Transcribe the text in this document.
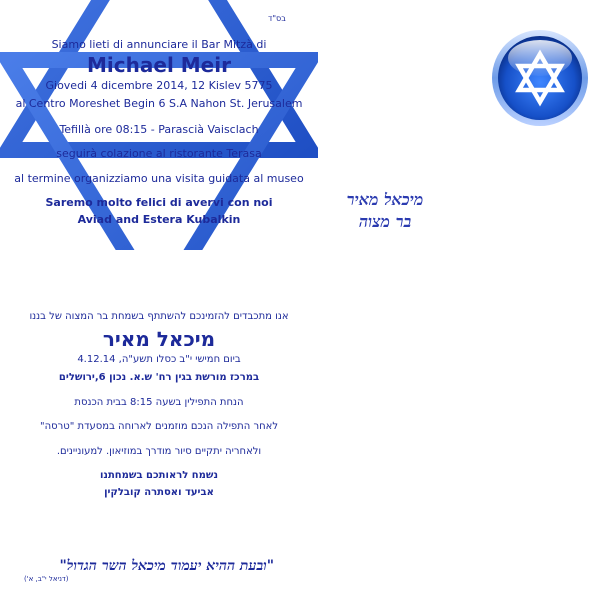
בס"ד
Siamo lieti di annunciare il Bar Mitzà di
Michael Meir
Giovedi 4 dicembre 2014, 12 Kislev 5775
al Centro Moreshet Begin 6 S.A Nahon St. Jerusalem
Tefillà ore 08:15 - Parascià Vaisclach
seguirà colazione al ristorante Terasa
al termine organizziamo una visita guidata al museo
Saremo molto felici di avervi con noi
Aviad and Estera Kubalkin
מיכאל מאיר
בר מצוה
אנו מתכבדים להזמינכם להשתתף בשמחת בר המצוה של בננו
מיכאל מאיר
ביום חמישי י"ב כסלו תשע"ה, 4.12.14
במרכז מורשת בגין רח' ש.א. נכון 6,ירושלים
הנחת התפילין בשעה 8:15 בבית הכנסת
לאחר התפילה הנכם מוזמנים לארוחה במסעדת "טרסה"
ולאחריה יתקיים סיור מודרך במוזיאון. למעוניינים.
נשמח לראותכם בשמחתנו
אביעד ואסתרה קובלקין
"ובעת ההיא יעמוד מיכאל השר הגדול"
(דניאל י"ב, א')
